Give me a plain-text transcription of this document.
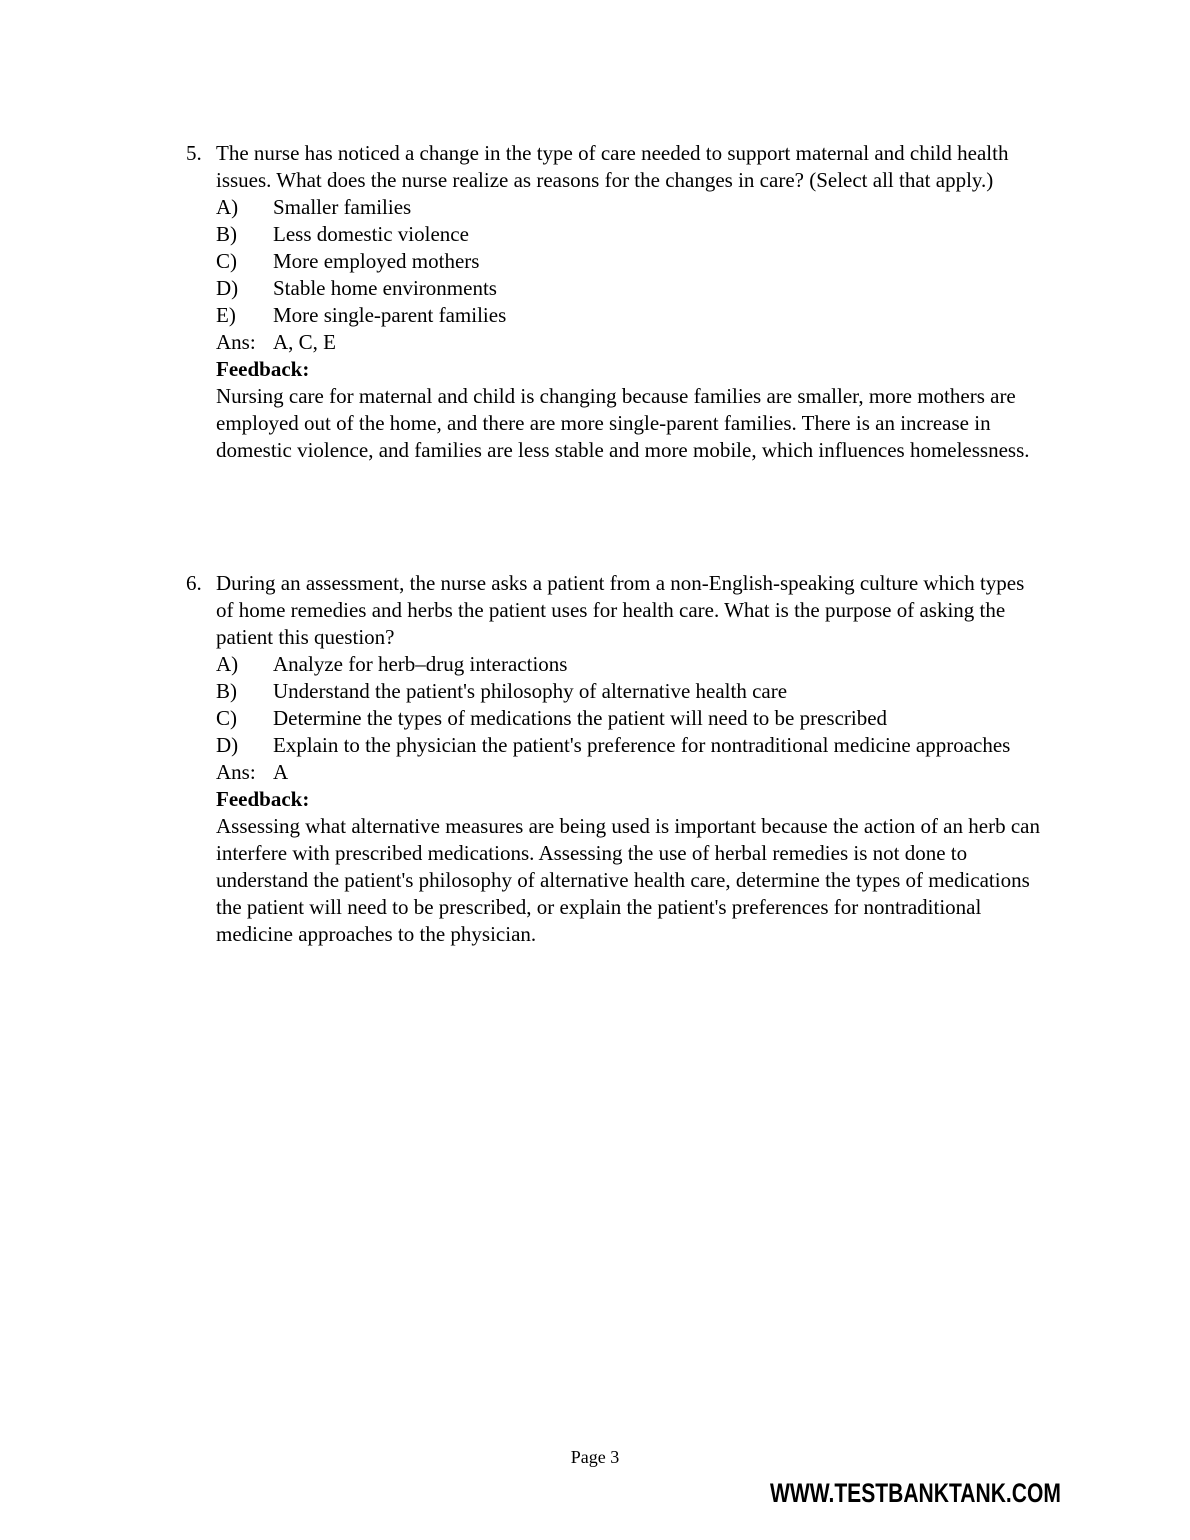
5. The nurse has noticed a change in the type of care needed to support maternal and child health issues. What does the nurse realize as reasons for the changes in care? (Select all that apply.)
A)	Smaller families
B)	Less domestic violence
C)	More employed mothers
D)	Stable home environments
E)	More single-parent families
Ans: A, C, E
Feedback:
Nursing care for maternal and child is changing because families are smaller, more mothers are employed out of the home, and there are more single-parent families. There is an increase in domestic violence, and families are less stable and more mobile, which influences homelessness.
6. During an assessment, the nurse asks a patient from a non-English-speaking culture which types of home remedies and herbs the patient uses for health care. What is the purpose of asking the patient this question?
A)	Analyze for herb–drug interactions
B)	Understand the patient's philosophy of alternative health care
C)	Determine the types of medications the patient will need to be prescribed
D)	Explain to the physician the patient's preference for nontraditional medicine approaches
Ans: A
Feedback:
Assessing what alternative measures are being used is important because the action of an herb can interfere with prescribed medications. Assessing the use of herbal remedies is not done to understand the patient's philosophy of alternative health care, determine the types of medications the patient will need to be prescribed, or explain the patient's preferences for nontraditional medicine approaches to the physician.
Page 3
WWW.TESTBANKTANK.COM
